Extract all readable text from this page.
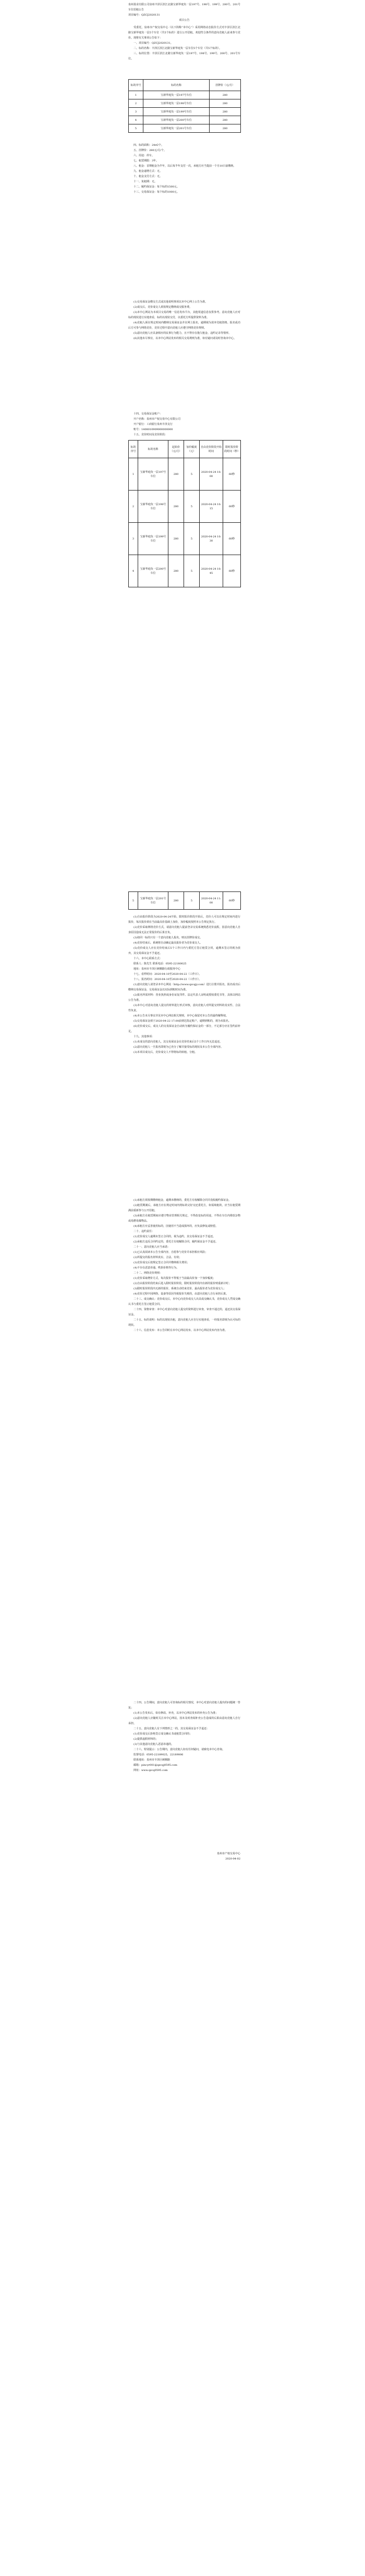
泉州盈业有限公司泉州丰泽区滨江北路宝新华庭负一层197号、198号、199号、200号、201号车位招租公告

项目编号：QZCJ2020131

项目公告

受委托，泉州市产权交易中心（以下简称“本中心”）采用网络动态报价方式对丰泽区滨江北路宝新华庭负一层5个车位（共5个标的）进行公开招租。欢迎符合条件的意向竞租人前来参与竞价。现将有关事项公告如下：

一、项目编号：QZCJ2020131。

二、标的名称：丰泽区滨江北路宝新华庭负一层车位5个车位（共5个标的）。

三、标的位置：丰泽区滨江北路宝新华庭负一层197号、198号、199号、200号、201号车位。

标的序号	标的名称	挂牌价（元/月）
1	宝新华庭负一层197号车位	280
2	宝新华庭负一层198号车位	280
3	宝新华庭负一层199号车位	280
4	宝新华庭负一层200号车位	280
5	宝新华庭负一层201号车位	280

四、标的面积：24㎡/个。

五、挂牌价：280元/月/个。

六、用途：停车。

七、租赁期限：3年。

八、租金：首期租金为半年，以后每半年支付一次，承租方应当提前一个月10日前缴纳。

九、租金递增方式：无。

十、租金支付方式：无。

十一、免租期：无。

十二、履约保证金：每个标的1500元。

十三、交易保证金：每个标的1000元。

(1)交易保证金缴交方式或其他说明事项以本中心网上公告为准。

(2)成交后，竞价成交人须按规定缴纳成交服务费。

(3)本中心网站为本项目交易的唯一信息发布平台，其他渠道信息仅供参考。意向竞租人应对标的现状进行实地查看，标的以现状交付，以委托方所提供资料为准。

(4)竞租人须在规定时间内缴纳交易保证金并在网上报名，逾期视为放弃竞租资格。报名成功后方可参与网络竞价，竞价过程中意向竞租人应遵守网络竞价规则。

(5)意向竞租人应具备相应的民事行为能力，且不得存在拖欠租金、违约记录等情形。

(6)其他未尽事宜，以本中心网站发布的相关交易规则为准，如有疑问请及时咨询本中心。

十四、交易保证金账户：

开户名称：泉州市产权交易中心有限公司

开户银行：工商银行泉州丰泽支行

账号：1408010909000000000

十五、竞价时间及竞价阶段：

标的序号	标的名称	起始价（元/月）	加价幅度（元）	自由竞价阶段开始时间	限时报价阶段时间（秒）
1	宝新华庭负一层197号车位	280	5	2020-04-24 10:00	60秒
2	宝新华庭负一层198号车位	280	5	2020-04-24 10:15	60秒
3	宝新华庭负一层199号车位	280	5	2020-04-24 10:30	60秒
4	宝新华庭负一层200号车位	280	5	2020-04-24 10:45	60秒
5	宝新华庭负一层201号车位	280	5	2020-04-24 11:00	60秒

(1)自由报价阶段为2020-04-24开始，限时报价阶段开始后，竞价人可以在规定时间内进行报价，每次报价须在当前最高价基础上加价，加价幅度按照本公告规定执行。

(2)竞价采取网络竞价方式，请意向竞租人提前登录交易系统熟悉竞价流程，因意向竞租人自身原因造成无法正常报价的后果自负。

(3)如同一标的只有一个意向竞租人报名，则以挂牌价成交。

(4)竞价结束后，系统将自动确定最高报价者为竞价成交人。

(5)竞价成交人应在竞价结束后5个工作日内与委托方签订租赁合同，逾期未签订的视为放弃，其交易保证金不予退还。

十六、本中心联系方式：

联系人：陈先生 联系电话：0595-22180025

地址：泉州市丰泽区刺桐路行政服务中心

十七、看样时间：2020-04-10至2020-04-22（工作日）。

十八、报名时间：2020-04-10至2020-04-22（工作日）。

(1)意向竞租人请登录本中心网站（http://www.qzcqjy.com）进行注册并报名，报名成功后缴纳交易保证金，交易保证金以实际到账时间为准。

(2)报名所需材料：营业执照或身份证复印件、法定代表人证明或授权委托书等，具体以网站公告为准。

(3)本中心对意向竞租人提交的材料进行形式审核，意向竞租人对所提交材料的真实性、合法性负责。

(4)本公告未尽事宜详见本中心网站相关规则，本中心保留对本公告的最终解释权。

(5)交易保证金须于2020-04-22 17:00前到达指定账户，逾期到账的，视为未报名。

(6)竞价成交后，成交人的交易保证金自动转为履约保证金的一部分，不足部分应在签约前补足。

十九、其他事项：

(1)未成交的意向竞租人，其交易保证金在竞价结束后5个工作日内无息退还。

(2)意向竞租人一旦报名即视为已充分了解并接受标的现状及本公告全部内容。

(3)本项目成交后，竞价成交人不得将标的转租、分租。

(1)承租方须按期缴纳租金，逾期未缴纳的，委托方有权解除合同并没收履约保证金。

(2)租赁期满后，承租方应在规定时间内将标的完好交还委托方，如需续租的，应当在租赁期满前重新参与公开招租。

(3)承租方在租赁期间应遵守物业管理相关规定，不得改变标的用途，不得在车位内堆放杂物或易燃易爆物品。

(4)承租方应妥善使用标的，因使用不当造成损坏的，应负责修复或赔偿。

二十、违约责任：

(1)竞价成交人逾期未签订合同的，视为违约，其交易保证金不予退还。

(2)承租方违反合同约定的，委托方有权解除合同，履约保证金不予退还。

二十一、意向竞租人应当承诺：

(1)已认真阅读本公告全部内容，自愿参与竞价并承担相应风险；

(2)所提交的报名材料真实、合法、有效；

(3)竞价成交后按规定签订合同并缴纳相关费用；

(4)不存在恶意串通、哄抬价格等行为。

二十二、网络竞价规则：

(1)竞价采取增价方式，每次报价不得低于当前最高价加一个加价幅度；

(2)自由报价阶段结束后进入限时报价阶段，限时报价阶段内有新的报价则重新计时；

(3)限时报价阶段内无新的报价，系统自动结束竞价，最高报价者为竞价成交人；

(4)竞价过程中因网络、设备等原因导致报价失败的，由意向竞租人自行承担后果。

二十三、成交确认：竞价成交后，本中心向竞价成交人出具成交确认书，竞价成交人凭成交确认书与委托方签订租赁合同。

二十四、资格审查：本中心对意向竞租人提交的资料进行审查，审查不通过的，退还其交易保证金。

二十五、标的说明：标的以现状出租，意向竞租人应自行实地查看，一经报名即视为认可标的现状。

二十六、信息发布：本公告同时在本中心网站发布，以本中心网站发布内容为准。

二十四、公告期间，意向竞租人可咨询标的相关情况，本中心对意向竞租人提出的问题统一答复；

(1)本公告发布后，如有修改、补充，以本中心网站发布的补充公告为准；

(2)意向竞租人应随时关注本中心网站，因未及时查阅补充公告造成的后果由意向竞租人自行承担。

二十五、意向竞租人有下列情形之一的，其交易保证金不予退还：

(1)竞价成交后拒绝签订成交确认书或租赁合同的；

(2)提供虚假材料的；

(3)与其他意向竞租人恶意串通的。

二十六、特别提示：公告期内，意向竞租人如有任何疑问，请致电本中心咨询。

监督电话：0595-22189025，22189006

联系地址：泉州市丰泽区刺桐路

邮箱：pincyr001@qzcqj0595.com

网址：www.qzcq0595.com

泉州市产权交易中心

2020-04-02
